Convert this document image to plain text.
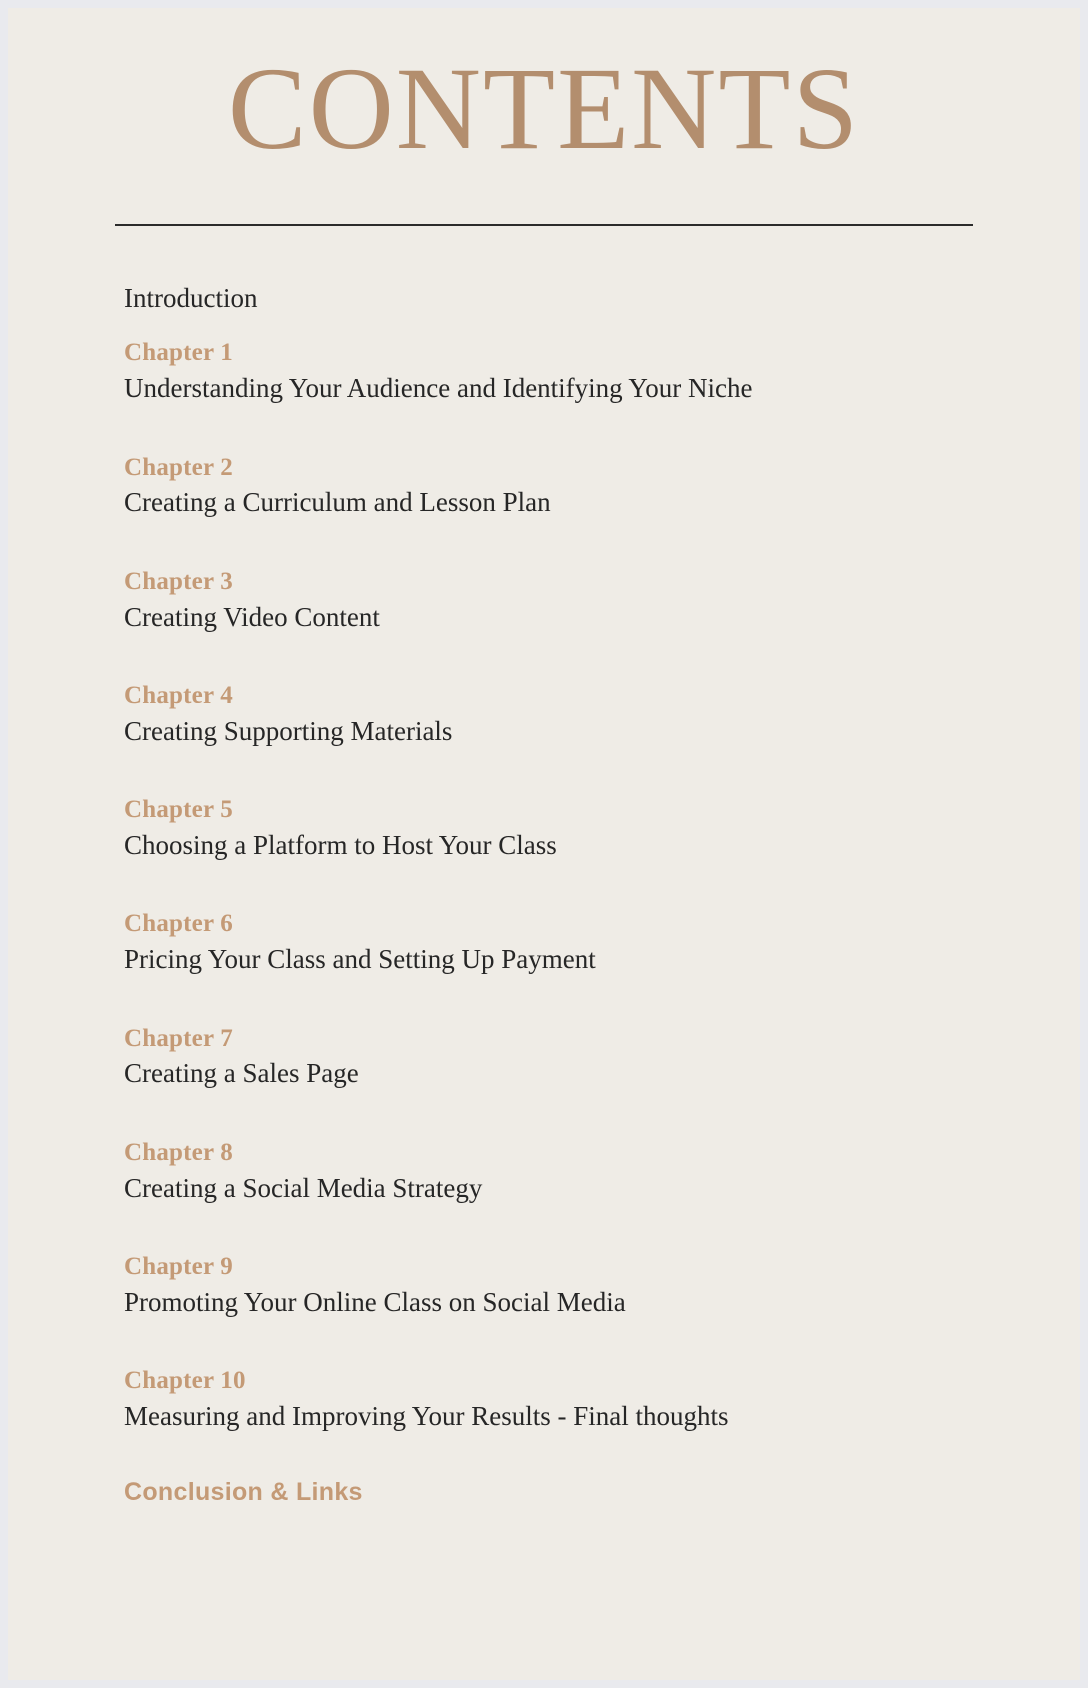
CONTENTS
Introduction
Chapter 1
Understanding Your Audience and Identifying Your Niche
Chapter 2
Creating a Curriculum and Lesson Plan
Chapter 3
Creating Video Content
Chapter 4
Creating Supporting Materials
Chapter 5
Choosing a Platform to Host Your Class
Chapter 6
Pricing Your Class and Setting Up Payment
Chapter 7
Creating a Sales Page
Chapter 8
Creating a Social Media Strategy
Chapter 9
Promoting Your Online Class on Social Media
Chapter 10
Measuring and Improving Your Results - Final thoughts
Conclusion & Links
